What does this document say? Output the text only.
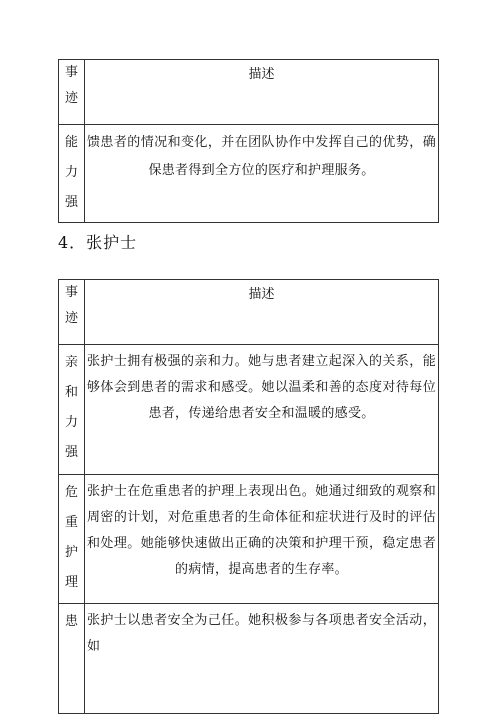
事
迹	描述

能
力
强	馈患者的情况和变化，并在团队协作中发挥自己的优势，确保患者得到全方位的医疗和护理服务。
4．张护士
事
迹	描述

亲
和
力
强	张护士拥有极强的亲和力。她与患者建立起深入的关系，能够体会到患者的需求和感受。她以温柔和善的态度对待每位患者，传递给患者安全和温暖的感受。

危
重
护
理	张护士在危重患者的护理上表现出色。她通过细致的观察和周密的计划，对危重患者的生命体征和症状进行及时的评估和处理。她能够快速做出正确的决策和护理干预，稳定患者的病情，提高患者的生存率。

患	张护士以患者安全为己任。她积极参与各项患者安全活动，如
